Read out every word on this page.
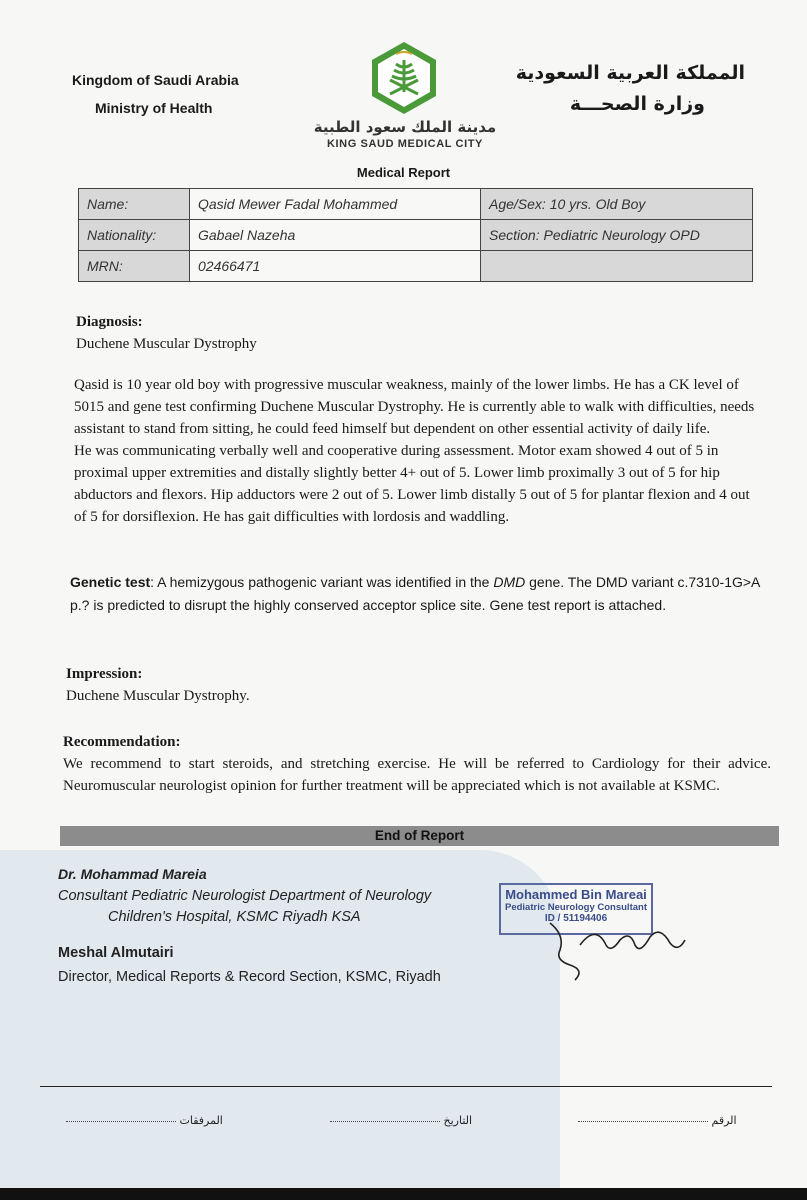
Kingdom of Saudi Arabia
Ministry of Health
مدينة الملك سعود الطبية
KING SAUD MEDICAL CITY
المملكة العربية السعودية
وزارة الصحـــة
Medical Report
Name:	Qasid Mewer Fadal Mohammed	Age/Sex: 10 yrs. Old Boy
Nationality:	Gabael Nazeha	Section: Pediatric Neurology OPD
MRN:	02466471	
Diagnosis:
Duchene Muscular Dystrophy
Qasid is 10 year old boy with progressive muscular weakness, mainly of the lower limbs. He has a CK level of 5015 and gene test confirming Duchene Muscular Dystrophy. He is currently able to walk with difficulties, needs assistant to stand from sitting, he could feed himself but dependent on other essential activity of daily life.
He was communicating verbally well and cooperative during assessment. Motor exam showed 4 out of 5 in proximal upper extremities and distally slightly better 4+ out of 5. Lower limb proximally 3 out of 5 for hip abductors and flexors. Hip adductors were 2 out of 5. Lower limb distally 5 out of 5 for plantar flexion and 4 out of 5 for dorsiflexion. He has gait difficulties with lordosis and waddling.
Genetic test: A hemizygous pathogenic variant was identified in the DMD gene. The DMD variant c.7310-1G>A p.? is predicted to disrupt the highly conserved acceptor splice site. Gene test report is attached.
Impression:
Duchene Muscular Dystrophy.
Recommendation:
We recommend to start steroids, and stretching exercise. He will be referred to Cardiology for their advice. Neuromuscular neurologist opinion for further treatment will be appreciated which is not available at KSMC.
End of Report
Dr. Mohammad Mareia
Consultant Pediatric Neurologist Department of Neurology
Children's Hospital, KSMC Riyadh KSA
Meshal Almutairi
Director, Medical Reports & Record Section, KSMC, Riyadh
Mohammed Bin Mareai
Pediatric Neurology Consultant
ID / 51194406
المرفقات	التاريخ	الرقم
